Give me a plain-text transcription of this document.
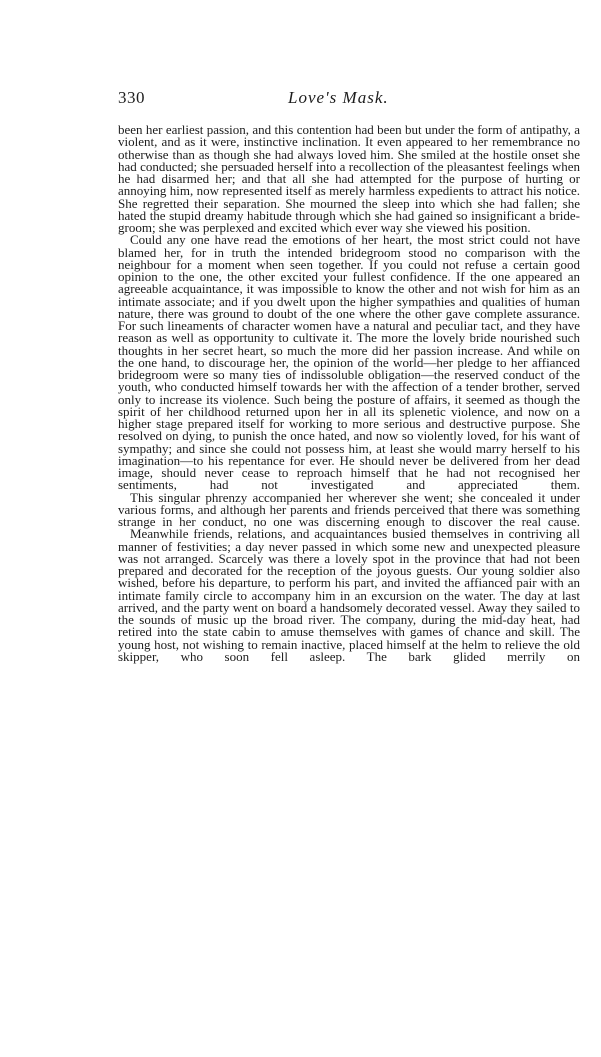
330	Love's Mask.

been her earliest passion, and this contention had been but under the form of antipathy, a violent, and as it were, instinctive inclination. It even appeared to her remembrance no otherwise than as though she had always loved him. She smiled at the hostile onset she had conducted; she persuaded herself into a recollection of the pleasantest feelings when he had disarmed her; and that all she had attempted for the purpose of hurting or annoying him, now represented itself as merely harmless expedients to attract his notice. She regretted their separation. She mourned the sleep into which she had fallen; she hated the stupid dreamy habitude through which she had gained so insignificant a bride-groom; she was perplexed and excited which ever way she viewed his position.

Could any one have read the emotions of her heart, the most strict could not have blamed her, for in truth the intended bridegroom stood no comparison with the neighbour for a moment when seen together. If you could not refuse a certain good opinion to the one, the other excited your fullest confidence. If the one appeared an agreeable acquaintance, it was impossible to know the other and not wish for him as an intimate associate; and if you dwelt upon the higher sympathies and qualities of human nature, there was ground to doubt of the one where the other gave complete assurance. For such lineaments of character women have a natural and peculiar tact, and they have reason as well as opportunity to cultivate it. The more the lovely bride nourished such thoughts in her secret heart, so much the more did her passion increase. And while on the one hand, to discourage her, the opinion of the world—her pledge to her affianced bridegroom were so many ties of indissoluble obligation—the reserved conduct of the youth, who conducted himself towards her with the affection of a tender brother, served only to increase its violence. Such being the posture of affairs, it seemed as though the spirit of her childhood returned upon her in all its splenetic violence, and now on a higher stage prepared itself for working to more serious and destructive purpose. She resolved on dying, to punish the once hated, and now so violently loved, for his want of sympathy; and since she could not possess him, at least she would marry herself to his imagination—to his repentance for ever. He should never be delivered from her dead image, should never cease to reproach himself that he had not recognised her sentiments, had not investigated and appreciated them.

This singular phrenzy accompanied her wherever she went; she concealed it under various forms, and although her parents and friends perceived that there was something strange in her conduct, no one was discerning enough to discover the real cause.

Meanwhile friends, relations, and acquaintances busied themselves in contriving all manner of festivities; a day never passed in which some new and unexpected pleasure was not arranged. Scarcely was there a lovely spot in the province that had not been prepared and decorated for the reception of the joyous guests. Our young soldier also wished, before his departure, to perform his part, and invited the affianced pair with an intimate family circle to accompany him in an excursion on the water. The day at last arrived, and the party went on board a handsomely decorated vessel. Away they sailed to the sounds of music up the broad river. The company, during the mid-day heat, had retired into the state cabin to amuse themselves with games of chance and skill. The young host, not wishing to remain inactive, placed himself at the helm to relieve the old skipper, who soon fell asleep. The bark glided merrily on
